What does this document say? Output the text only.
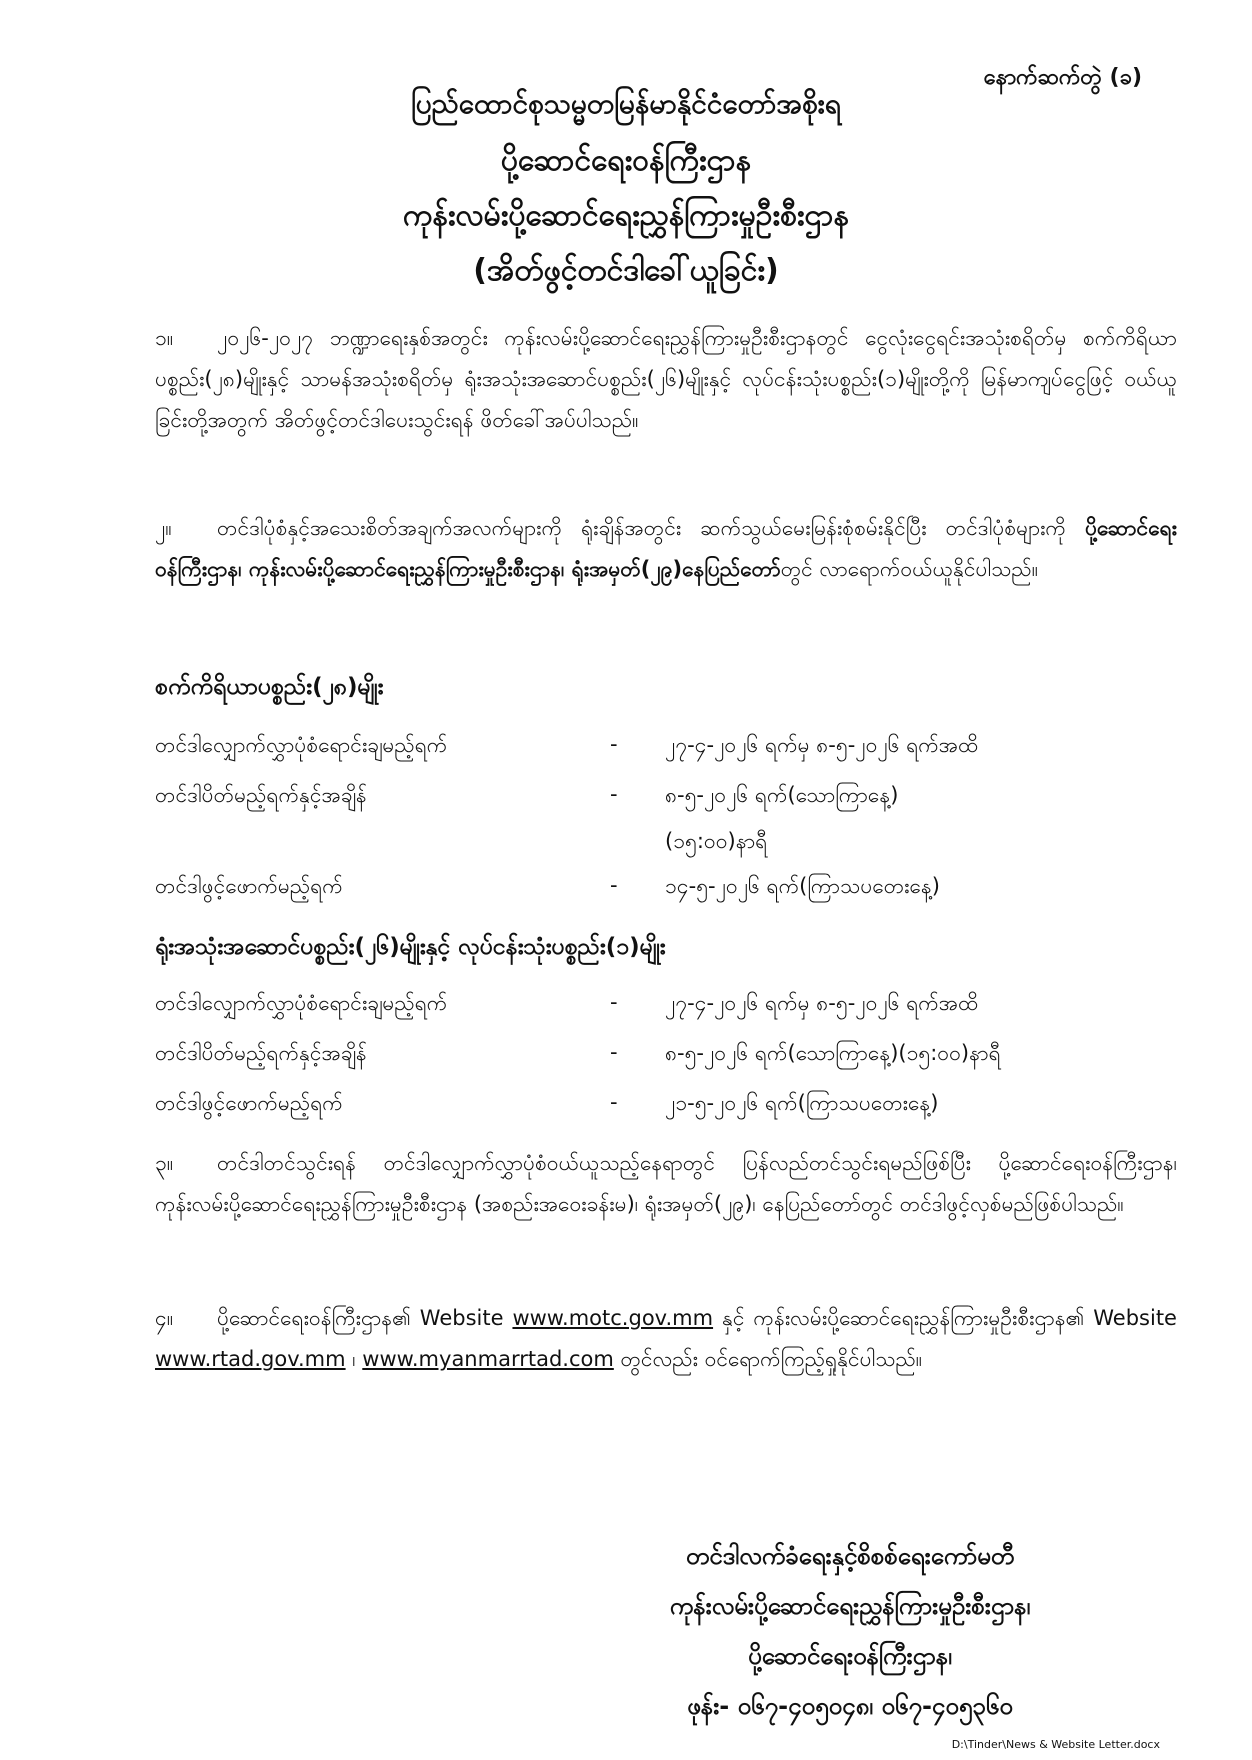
နောက်ဆက်တွဲ (ခ)
ပြည်ထောင်စုသမ္မတမြန်မာနိုင်ငံတော်အစိုးရ
ပို့ဆောင်ရေးဝန်ကြီးဌာန
ကုန်းလမ်းပို့ဆောင်ရေးညွှန်ကြားမှုဦးစီးဌာန
(အိတ်ဖွင့်တင်ဒါခေါ်ယူခြင်း)
၁။ ၂၀၂၆-၂၀၂၇ ဘဏ္ဍာရေးနှစ်အတွင်း ကုန်းလမ်းပို့ဆောင်ရေးညွှန်ကြားမှုဦးစီးဌာနတွင် ငွေလုံးငွေရင်းအသုံးစရိတ်မှ စက်ကိရိယာပစ္စည်း(၂၈)မျိုးနှင့် သာမန်အသုံးစရိတ်မှ ရုံးအသုံးအဆောင်ပစ္စည်း(၂၆)မျိုးနှင့် လုပ်ငန်းသုံးပစ္စည်း(၁)မျိုးတို့ကို မြန်မာကျပ်ငွေဖြင့် ဝယ်ယူခြင်းတို့အတွက် အိတ်ဖွင့်တင်ဒါပေးသွင်းရန် ဖိတ်ခေါ်အပ်ပါသည်။
၂။ တင်ဒါပုံစံနှင့်အသေးစိတ်အချက်အလက်များကို ရုံးချိန်အတွင်း ဆက်သွယ်မေးမြန်းစုံစမ်းနိုင်ပြီး တင်ဒါပုံစံများကို ပို့ဆောင်ရေးဝန်ကြီးဌာန၊ ကုန်းလမ်းပို့ဆောင်ရေးညွှန်ကြားမှုဦးစီးဌာန၊ ရုံးအမှတ်(၂၉)နေပြည်တော်တွင် လာရောက်ဝယ်ယူနိုင်ပါသည်။
စက်ကိရိယာပစ္စည်း(၂၈)မျိုး
တင်ဒါလျှောက်လွှာပုံစံရောင်းချမည့်ရက်	- ၂၇-၄-၂၀၂၆ ရက်မှ ၈-၅-၂၀၂၆ ရက်အထိ
တင်ဒါပိတ်မည့်ရက်နှင့်အချိန်	- ၈-၅-၂၀၂၆ ရက်(သောကြာနေ့)
(၁၅:၀၀)နာရီ
တင်ဒါဖွင့်ဖောက်မည့်ရက်	- ၁၄-၅-၂၀၂၆ ရက်(ကြာသပတေးနေ့)
ရုံးအသုံးအဆောင်ပစ္စည်း(၂၆)မျိုးနှင့် လုပ်ငန်းသုံးပစ္စည်း(၁)မျိုး
တင်ဒါလျှောက်လွှာပုံစံရောင်းချမည့်ရက်	- ၂၇-၄-၂၀၂၆ ရက်မှ ၈-၅-၂၀၂၆ ရက်အထိ
တင်ဒါပိတ်မည့်ရက်နှင့်အချိန်	- ၈-၅-၂၀၂၆ ရက်(သောကြာနေ့)(၁၅:၀၀)နာရီ
တင်ဒါဖွင့်ဖောက်မည့်ရက်	- ၂၁-၅-၂၀၂၆ ရက်(ကြာသပတေးနေ့)
၃။ တင်ဒါတင်သွင်းရန် တင်ဒါလျှောက်လွှာပုံစံဝယ်ယူသည့်နေရာတွင် ပြန်လည်တင်သွင်းရမည်ဖြစ်ပြီး ပို့ဆောင်ရေးဝန်ကြီးဌာန၊ ကုန်းလမ်းပို့ဆောင်ရေးညွှန်ကြားမှုဦးစီးဌာန (အစည်းအဝေးခန်းမ)၊ ရုံးအမှတ်(၂၉)၊ နေပြည်တော်တွင် တင်ဒါဖွင့်လှစ်မည်ဖြစ်ပါသည်။
၄။ ပို့ဆောင်ရေးဝန်ကြီးဌာန၏ Website www.motc.gov.mm နှင့် ကုန်းလမ်းပို့ဆောင်ရေးညွှန်ကြားမှုဦးစီးဌာန၏ Website www.rtad.gov.mm ၊ www.myanmarrtad.com တွင်လည်း ဝင်ရောက်ကြည့်ရှုနိုင်ပါသည်။
တင်ဒါလက်ခံရေးနှင့်စိစစ်ရေးကော်မတီ
ကုန်းလမ်းပို့ဆောင်ရေးညွှန်ကြားမှုဦးစီးဌာန၊
ပို့ဆောင်ရေးဝန်ကြီးဌာန၊
ဖုန်း- ၀၆၇-၄၀၅၀၄၈၊ ၀၆၇-၄၀၅၃၆၀
D:\Tinder\News & Website Letter.docx
